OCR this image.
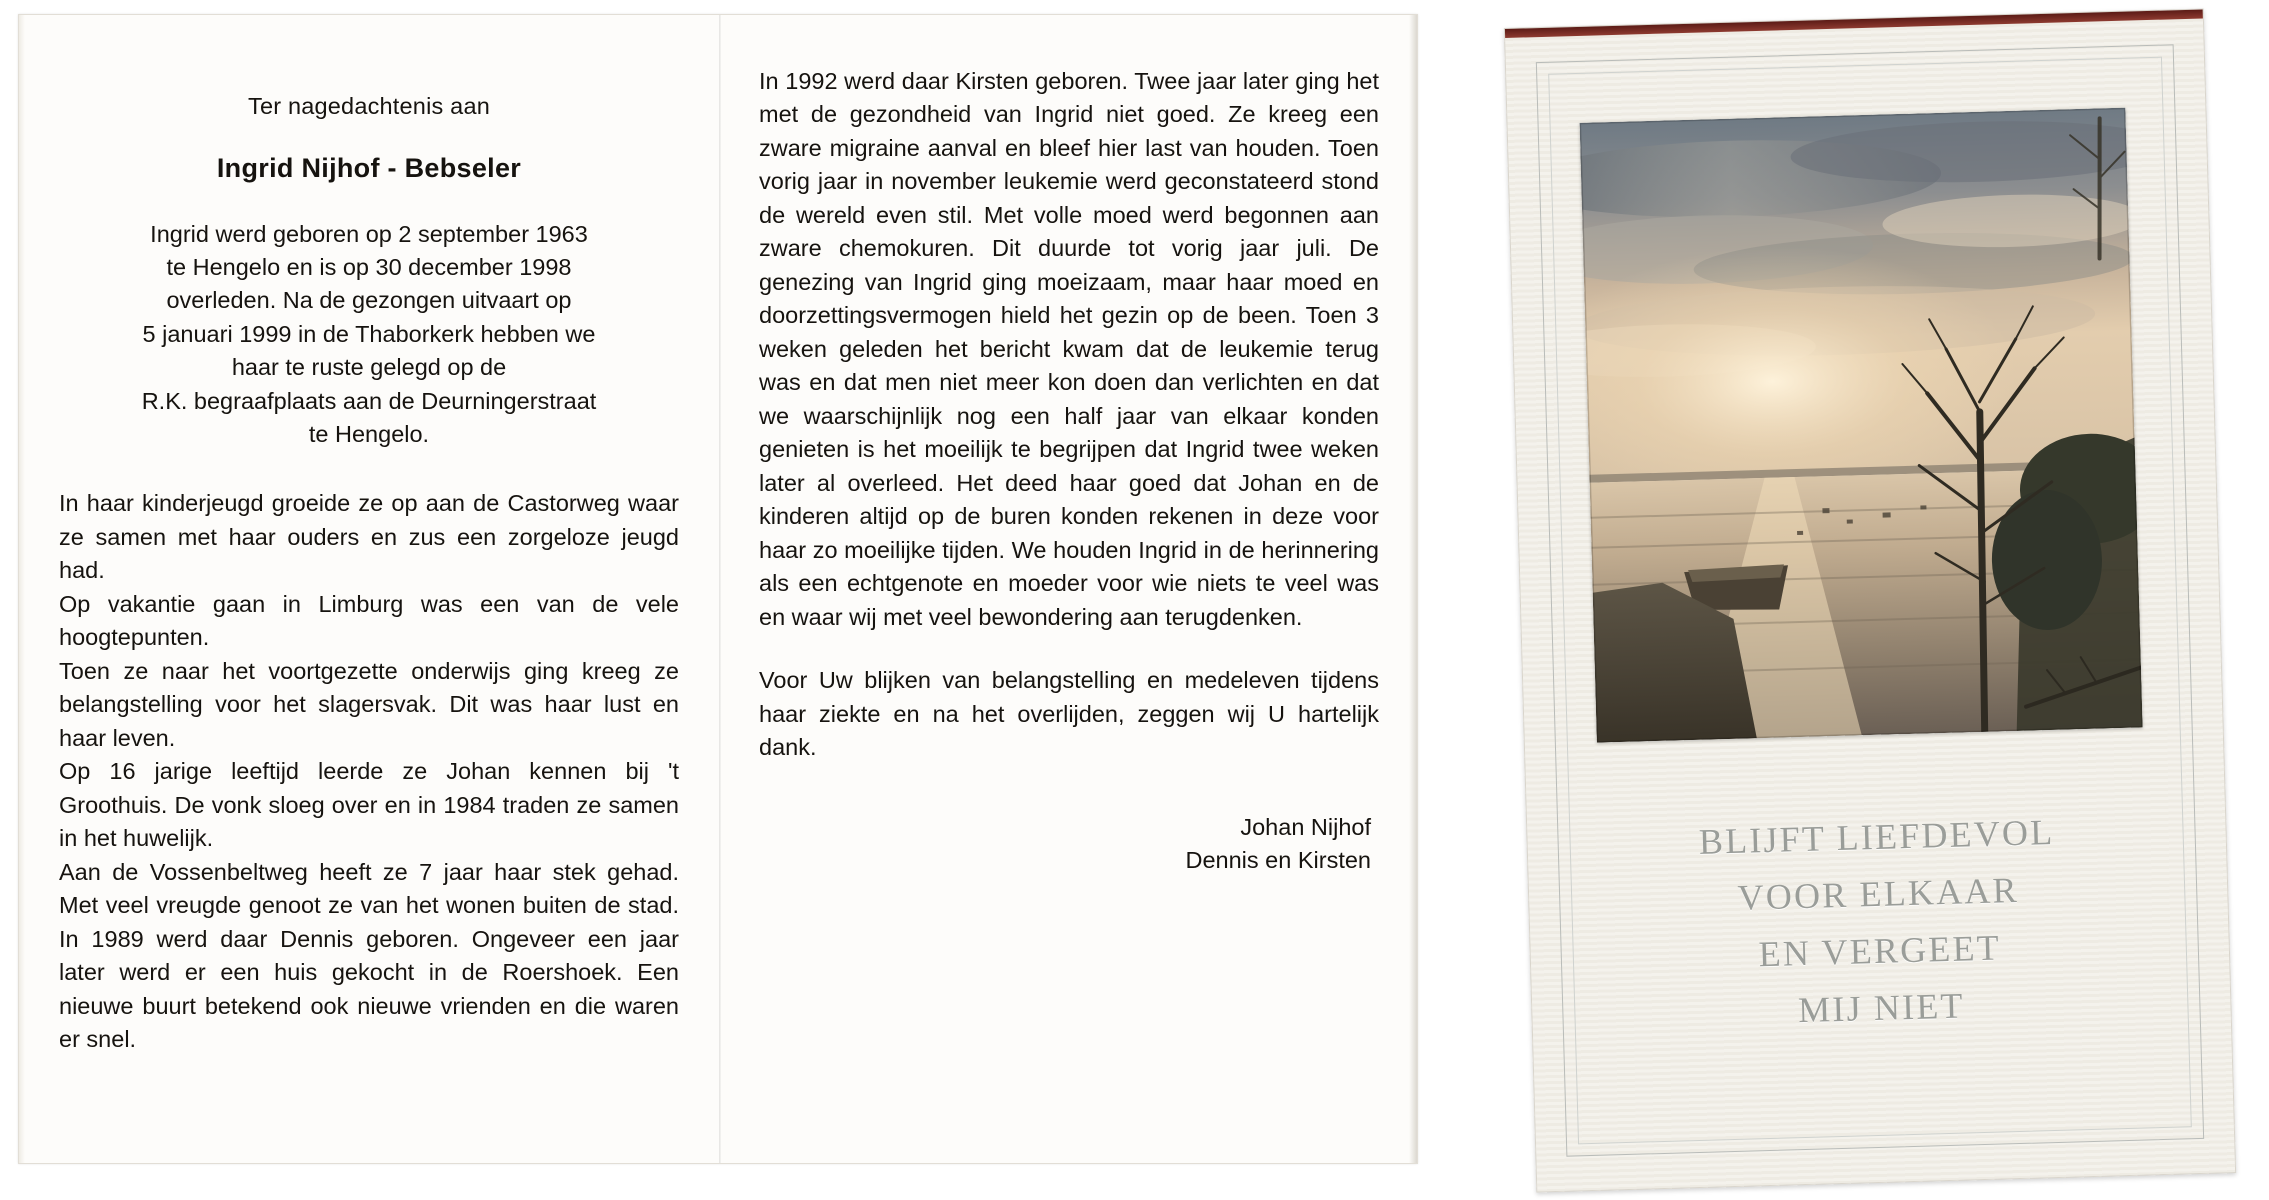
Ter nagedachtenis aan
Ingrid Nijhof - Bebseler
Ingrid werd geboren op 2 september 1963
te Hengelo en is op 30 december 1998
overleden. Na de gezongen uitvaart op
5 januari 1999 in de Thaborkerk hebben we
haar te ruste gelegd op de
R.K. begraafplaats aan de Deurningerstraat
te Hengelo.

In haar kinderjeugd groeide ze op aan de Castorweg waar ze samen met haar ouders en zus een zorgeloze jeugd had.

Op vakantie gaan in Limburg was een van de vele hoogtepunten.

Toen ze naar het voortgezette onderwijs ging kreeg ze belangstelling voor het slagersvak. Dit was haar lust en haar leven.

Op 16 jarige leeftijd leerde ze Johan kennen bij 't Groothuis. De vonk sloeg over en in 1984 traden ze samen in het huwelijk.

Aan de Vossenbeltweg heeft ze 7 jaar haar stek gehad. Met veel vreugde genoot ze van het wonen buiten de stad. In 1989 werd daar Dennis geboren. Ongeveer een jaar later werd er een huis gekocht in de Roershoek. Een nieuwe buurt betekend ook nieuwe vrienden en die waren er snel.

In 1992 werd daar Kirsten geboren. Twee jaar later ging het met de gezondheid van Ingrid niet goed. Ze kreeg een zware migraine aanval en bleef hier last van houden. Toen vorig jaar in november leukemie werd geconstateerd stond de wereld even stil. Met volle moed werd begonnen aan zware chemokuren. Dit duurde tot vorig jaar juli. De genezing van Ingrid ging moeizaam, maar haar moed en doorzettingsvermogen hield het gezin op de been. Toen 3 weken geleden het bericht kwam dat de leukemie terug was en dat men niet meer kon doen dan verlichten en dat we waarschijnlijk nog een half jaar van elkaar konden genieten is het moeilijk te begrijpen dat Ingrid twee weken later al overleed. Het deed haar goed dat Johan en de kinderen altijd op de buren konden rekenen in deze voor haar zo moeilijke tijden. We houden Ingrid in de herinnering als een echtgenote en moeder voor wie niets te veel was en waar wij met veel bewondering aan terugdenken.

Voor Uw blijken van belangstelling en medeleven tijdens haar ziekte en na het overlijden, zeggen wij U hartelijk dank.

Johan Nijhof
Dennis en Kirsten	BLIJFT LIEFDEVOL
VOOR ELKAAR
EN VERGEET
MIJ NIET
